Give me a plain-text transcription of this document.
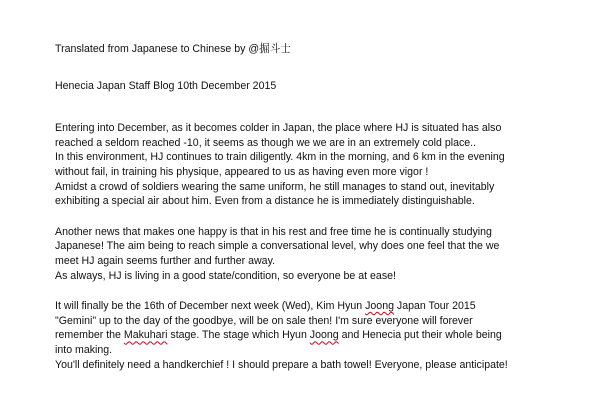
Translated from Japanese to Chinese by @掘斗士
Henecia Japan Staff Blog 10th December 2015
Entering into December, as it becomes colder in Japan, the place where HJ is situated has also
reached a seldom reached -10, it seems as though we we are in an extremely cold place..
In this environment, HJ continues to train diligently. 4km in the morning, and 6 km in the evening
without fail, in training his physique, appeared to us as having even more vigor !
Amidst a crowd of soldiers wearing the same uniform, he still manages to stand out, inevitably
exhibiting a special air about him. Even from a distance he is immediately distinguishable.
Another news that makes one happy is that in his rest and free time he is continually studying
Japanese! The aim being to reach simple a conversational level, why does one feel that the we
meet HJ again seems further and further away.
As always, HJ is living in a good state/condition, so everyone be at ease!
It will finally be the 16th of December next week (Wed), Kim Hyun Joong Japan Tour 2015
"Gemini" up to the day of the goodbye, will be on sale then! I'm sure everyone will forever
remember the Makuhari stage. The stage which Hyun Joong and Henecia put their whole being
into making.
You'll definitely need a handkerchief ! I should prepare a bath towel! Everyone, please anticipate!
